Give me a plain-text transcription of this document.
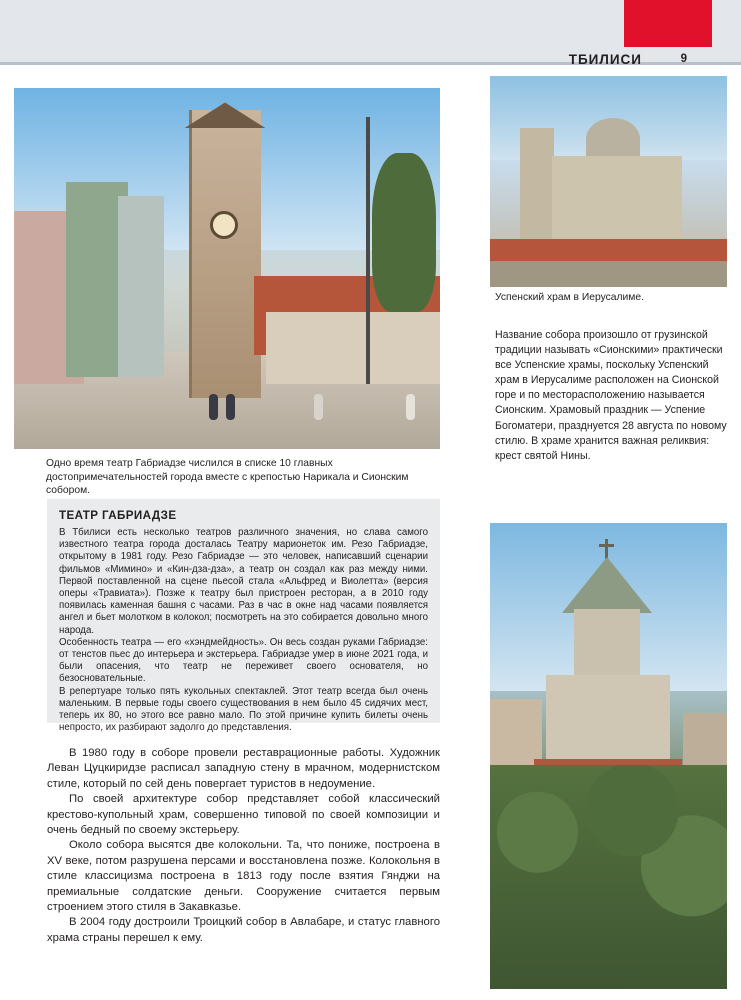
ТБИЛИСИ	9
Одно время театр Габриадзе числился в списке 10 главных достопримечательностей города вместе с крепостью Нарикала и Сионским собором.
Успенский храм в Иерусалиме.
Название собора произошло от грузинской традиции называть «Сионскими» практически все Успенские храмы, поскольку Успенский храм в Иерусалиме расположен на Сионской горе и по месторасположению называется Сионским. Храмовый праздник — Успение Богоматери, празднуется 28 августа по новому стилю. В храме хранится важная реликвия: крест святой Нины.
ТЕАТР ГАБРИАДЗЕ

В Тбилиси есть несколько театров различного значения, но слава самого известного театра города досталась Театру марионеток им. Резо Габриадзе, открытому в 1981 году. Резо Габриадзе — это человек, написавший сценарии фильмов «Мимино» и «Кин-дза-дза», а театр он создал как раз между ними. Первой поставленной на сцене пьесой стала «Альфред и Виолетта» (версия оперы «Травиата»). Позже к театру был пристроен ресторан, а в 2010 году появилась каменная башня с часами. Раз в час в окне над часами появляется ангел и бьет молотком в колокол; посмотреть на это собирается довольно много народа.

Особенность театра — его «хэндмейдность». Он весь создан руками Габриадзе: от тенстов пьес до интерьера и экстерьера. Габриадзе умер в июне 2021 года, и были опасения, что театр не переживет своего основателя, но безосновательные.

В репертуаре только пять кукольных спектаклей. Этот театр всегда был очень маленьким. В первые годы своего существования в нем было 45 сидячих мест, теперь их 80, но этого все равно мало. По этой причине купить билеты очень непросто, их разбирают задолго до представления.

В 1980 году в соборе провели реставрационные работы. Художник Леван Цуцкиридзе расписал западную стену в мрачном, модернистском стиле, который по сей день повергает туристов в недоумение.

По своей архитектуре собор представляет собой классический крестово-купольный храм, совершенно типовой по своей композиции и очень бедный по своему экстерьеру.

Около собора высятся две колокольни. Та, что пониже, построена в XV веке, потом разрушена персами и восстановлена позже. Колокольня в стиле классицизма построена в 1813 году после взятия Гянджи на премиальные солдатские деньги. Сооружение считается первым строением этого стиля в Закавказье.

В 2004 году достроили Троицкий собор в Авлабаре, и статус главного храма страны перешел к ему.
